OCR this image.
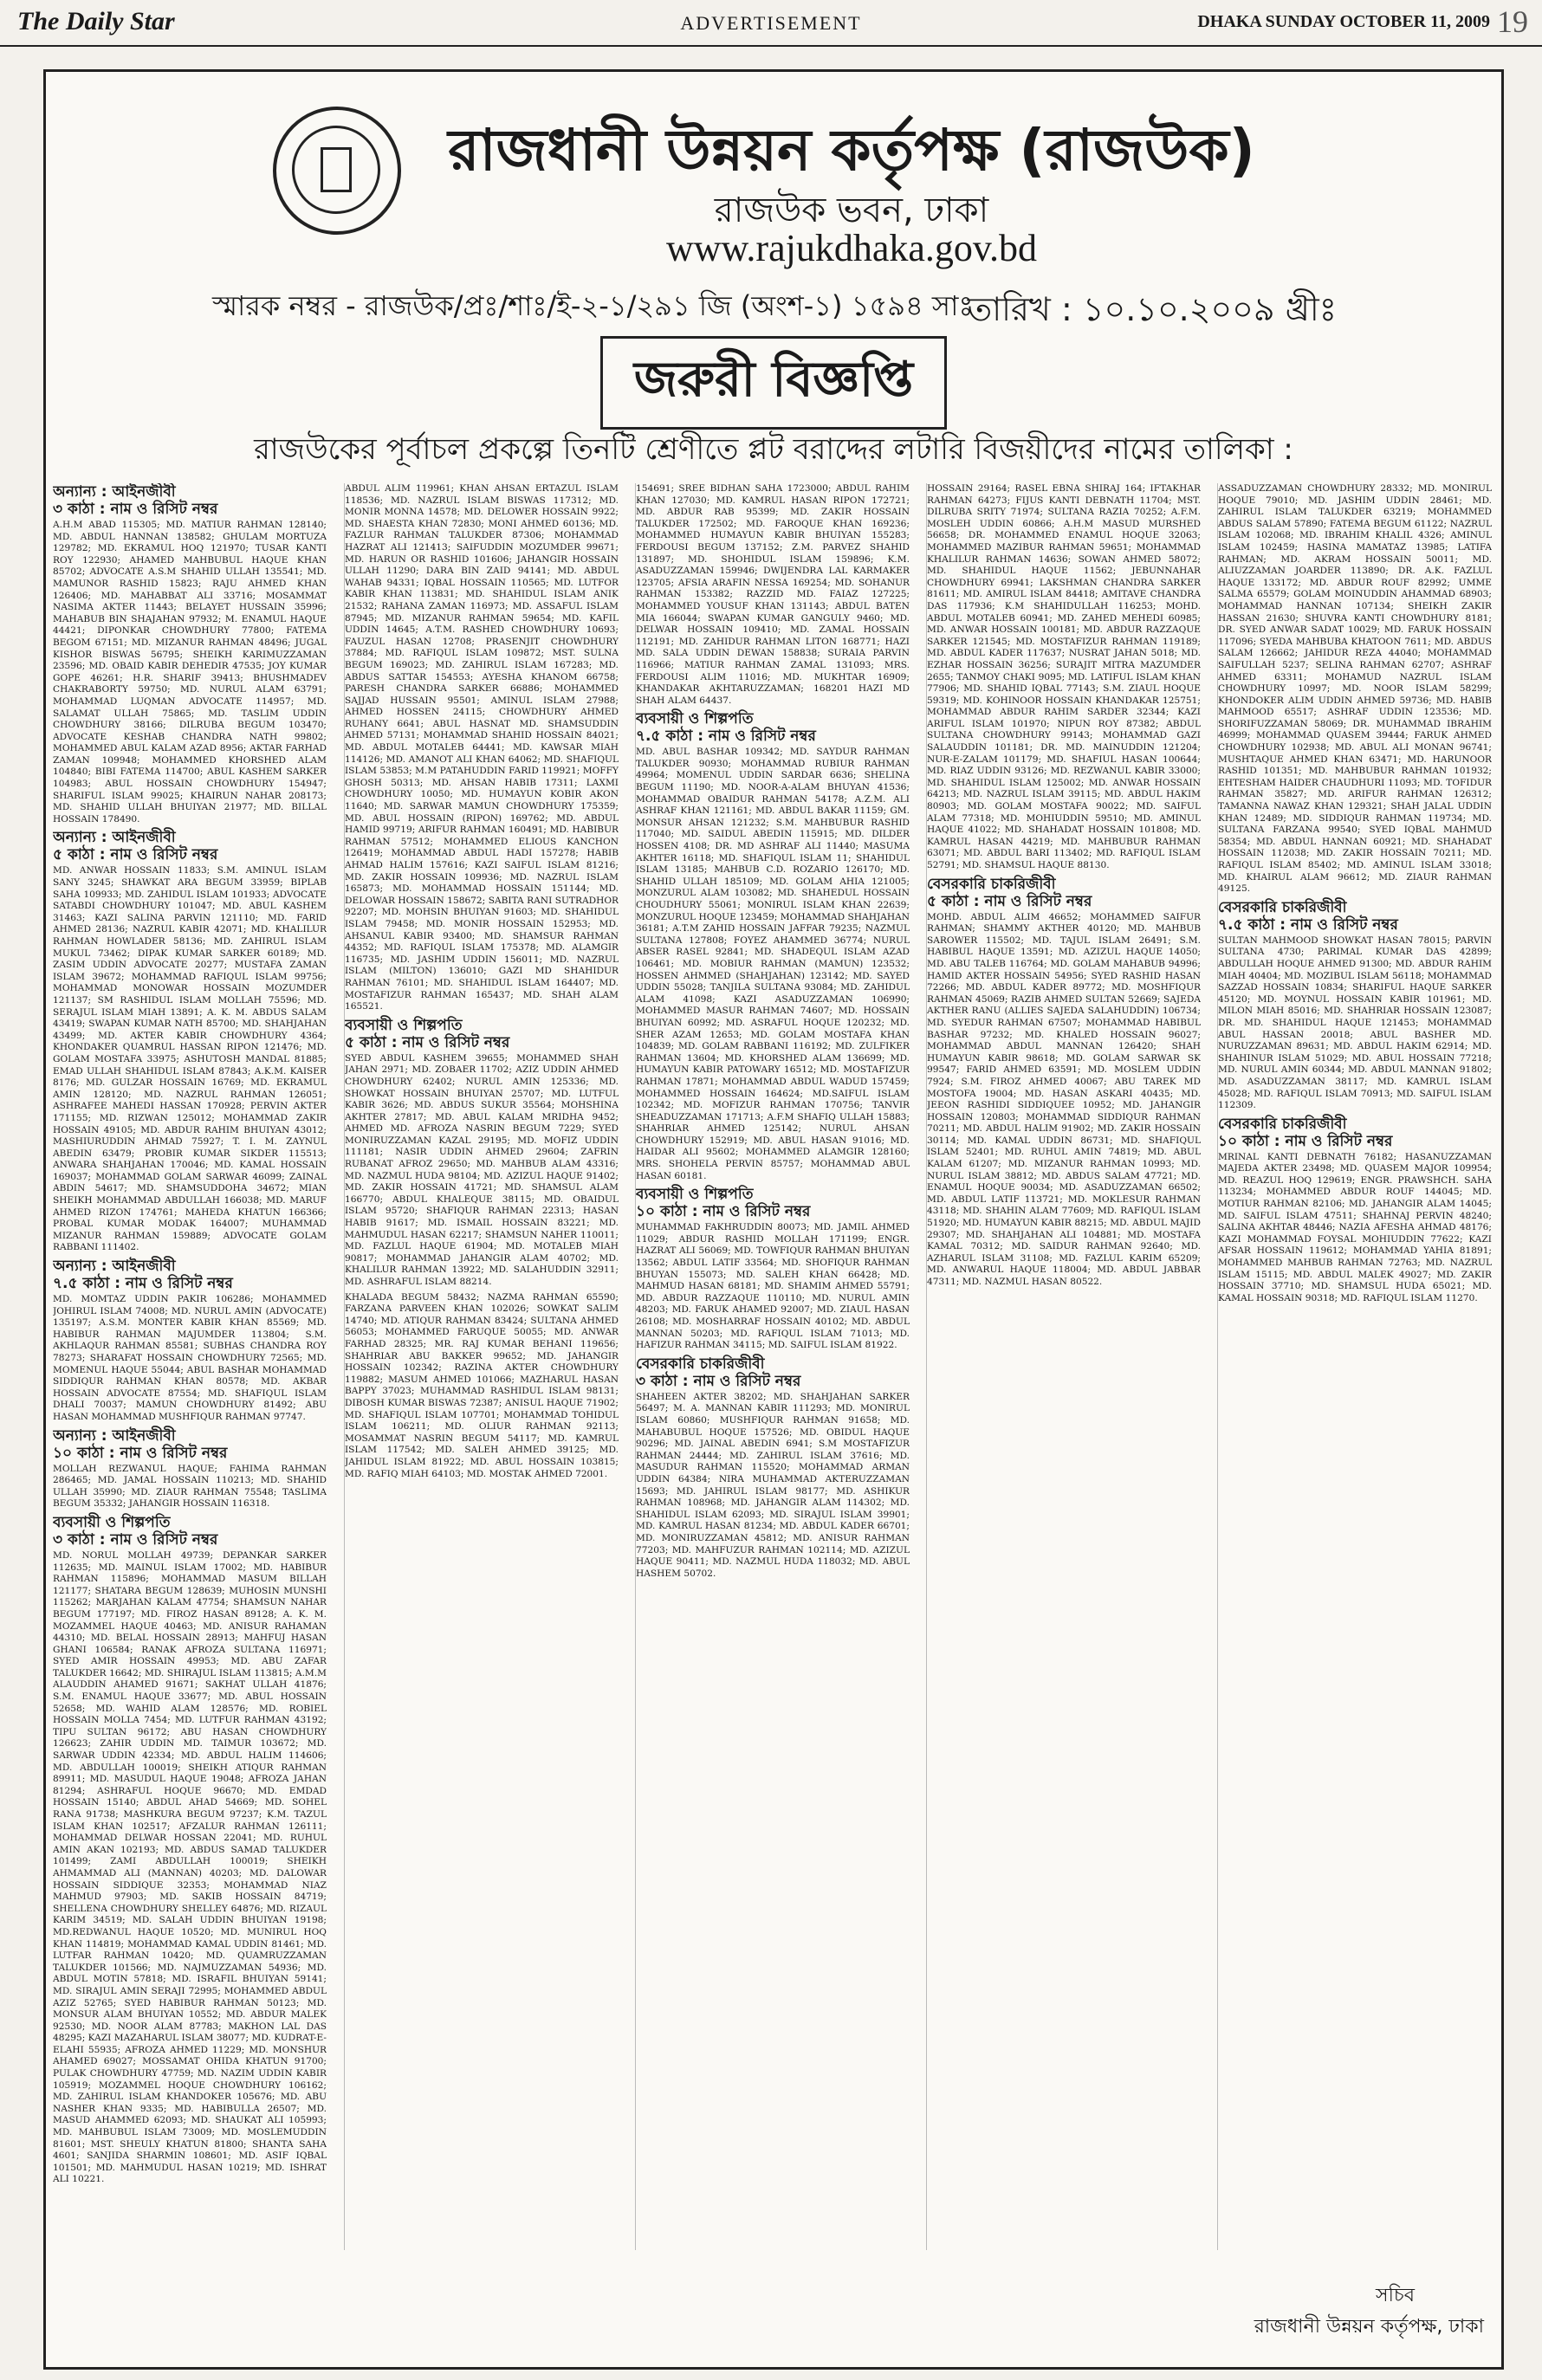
The Daily Star	ADVERTISEMENT	DHAKA SUNDAY OCTOBER 11, 2009 19
রাজধানী উন্নয়ন কর্তৃপক্ষ (রাজউক)
রাজউক ভবন, ঢাকা
www.rajukdhaka.gov.bd
স্মারক নম্বর - রাজউক/প্রঃ/শাঃ/ই-২-১/২৯১ জি (অংশ-১) ১৫৯৪ সাঃ
তারিখ : ১০.১০.২০০৯ খ্রীঃ
জরুরী বিজ্ঞপ্তি
রাজউকের পূর্বাচল প্রকল্পে তিনটি শ্রেণীতে প্লট বরাদ্দের লটারি বিজয়ীদের নামের তালিকা :
অন্যান্য : আইনজীবী
৩ কাঠা : নাম ও রিসিট নম্বর
A.H.M ABAD 115305; MD. MATIUR RAHMAN 128140; MD. ABDUL HANNAN 138582; GHULAM MORTUZA 129782; MD. EKRAMUL HOQ 121970; TUSAR KANTI ROY 122930; AHAMED MAHBUBUL HAQUE KHAN 85702; ADVOCATE A.S.M SHAHID ULLAH 135541; MD. MAMUNOR RASHID 15823; RAJU AHMED KHAN 126406; MD. MAHABBAT ALI 33716; MOSAMMAT NASIMA AKTER 11443; BELAYET HUSSAIN 35996; MAHABUB BIN SHAJAHAN 97932; M. ENAMUL HAQUE 44421; DIPONKAR CHOWDHURY 77800; FATEMA BEGOM 67151; MD. MIZANUR RAHMAN 48496; JUGAL KISHOR BISWAS 56795; SHEIKH KARIMUZZAMAN 23596; MD. OBAID KABIR DEHEDIR 47535; JOY KUMAR GOPE 46261; H.R. SHARIF 39413; BHUSHMADEV CHAKRABORTY 59750; MD. NURUL ALAM 63791; MOHAMMAD LUQMAN ADVOCATE 114957; MD. SALAMAT ULLAH 75865; MD. TASLIM UDDIN CHOWDHURY 38166; DILRUBA BEGUM 103470; ADVOCATE KESHAB CHANDRA NATH 99802; MOHAMMED ABUL KALAM AZAD 8956; AKTAR FARHAD ZAMAN 109948; MOHAMMED KHORSHED ALAM 104840; BIBI FATEMA 114700; ABUL KASHEM SARKER 104983; ABUL HOSSAIN CHOWDHURY 154947; SHARIFUL ISLAM 99025; KHAIRUN NAHAR 208173; MD. SHAHID ULLAH BHUIYAN 21977; MD. BILLAL HOSSAIN 178490.
অন্যান্য : আইনজীবী
৫ কাঠা : নাম ও রিসিট নম্বর
MD. ANWAR HOSSAIN 11833; S.M. AMINUL ISLAM SANY 3245; SHAWKAT ARA BEGUM 33959; BIPLAB SAHA 109933; MD. ZAHIDUL ISLAM 101933; ADVOCATE SATABDI CHOWDHURY 101047; MD. ABUL KASHEM 31463; KAZI SALINA PARVIN 121110; MD. FARID AHMED 28136; NAZRUL KABIR 42071; MD. KHALILUR RAHMAN HOWLADER 58136; MD. ZAHIRUL ISLAM MUKUL 73462; DIPAK KUMAR SARKER 60189; MD. ZASIM UDDIN ADVOCATE 20277; MUSTAFA ZAMAN ISLAM 39672; MOHAMMAD RAFIQUL ISLAM 99756; MOHAMMAD MONOWAR HOSSAIN MOZUMDER 121137; SM RASHIDUL ISLAM MOLLAH 75596; MD. SERAJUL ISLAM MIAH 13891; A. K. M. ABDUS SALAM 43419; SWAPAN KUMAR NATH 85700; MD. SHAHJAHAN 43499; MD. AKTER KABIR CHOWDHURY 4364; KHONDAKER QUAMRUL HASSAN RIPON 121476; MD. GOLAM MOSTAFA 33975; ASHUTOSH MANDAL 81885; EMAD ULLAH SHAHIDUL ISLAM 87843; A.K.M. KAISER 8176; MD. GULZAR HOSSAIN 16769; MD. EKRAMUL AMIN 128120; MD. NAZRUL RAHMAN 126051; ASHRAFEE MAHEDI HASSAN 170928; PERVIN AKTER 171155; MD. RIZWAN 125012; MOHAMMAD ZAKIR HOSSAIN 49105; MD. ABDUR RAHIM BHUIYAN 43012; MASHIURUDDIN AHMAD 75927; T. I. M. ZAYNUL ABEDIN 63479; PROBIR KUMAR SIKDER 115513; ANWARA SHAHJAHAN 170046; MD. KAMAL HOSSAIN 169037; MOHAMMAD GOLAM SARWAR 46099; ZAINAL ABDIN 54617; MD. SHAMSUDDOHA 34672; MIAN SHEIKH MOHAMMAD ABDULLAH 166038; MD. MARUF AHMED RIZON 174761; MAHEDA KHATUN 166366; PROBAL KUMAR MODAK 164007; MUHAMMAD MIZANUR RAHMAN 159889; ADVOCATE GOLAM RABBANI 111402.
অন্যান্য : আইনজীবী
৭.৫ কাঠা : নাম ও রিসিট নম্বর
MD. MOMTAZ UDDIN PAKIR 106286; MOHAMMED JOHIRUL ISLAM 74008; MD. NURUL AMIN (ADVOCATE) 135197; A.S.M. MONTER KABIR KHAN 85569; MD. HABIBUR RAHMAN MAJUMDER 113804; S.M. AKHLAQUR RAHMAN 85581; SUBHAS CHANDRA ROY 78273; SHARAFAT HOSSAIN CHOWDHURY 72565; MD. MOMENUL HAQUE 55044; ABUL BASHAR MOHAMMAD SIDDIQUR RAHMAN KHAN 80578; MD. AKBAR HOSSAIN ADVOCATE 87554; MD. SHAFIQUL ISLAM DHALI 70037; MAMUN CHOWDHURY 81492; ABU HASAN MOHAMMAD MUSHFIQUR RAHMAN 97747.
অন্যান্য : আইনজীবী
১০ কাঠা : নাম ও রিসিট নম্বর
MOLLAH REZWANUL HAQUE; FAHIMA RAHMAN 286465; MD. JAMAL HOSSAIN 110213; MD. SHAHID ULLAH 35990; MD. ZIAUR RAHMAN 75548; TASLIMA BEGUM 35332; JAHANGIR HOSSAIN 116318.
ব্যবসায়ী ও শিল্পপতি
৩ কাঠা : নাম ও রিসিট নম্বর
MD. NORUL MOLLAH 49739; DEPANKAR SARKER 112635; MD. MAINUL ISLAM 17002; MD. HABIBUR RAHMAN 115896; MOHAMMAD MASUM BILLAH 121177; SHATARA BEGUM 128639; MUHOSIN MUNSHI 115262; MARJAHAN KALAM 47754; SHAMSUN NAHAR BEGUM 177197; MD. FIROZ HASAN 89128; A. K. M. MOZAMMEL HAQUE 40463; MD. ANISUR RAHAMAN 44310; MD. BELAL HOSSAIN 28913; MAHFUJ HASAN GHANI 106584; RANAK AFROZA SULTANA 116971; SYED AMIR HOSSAIN 49953; MD. ABU ZAFAR TALUKDER 16642; MD. SHIRAJUL ISLAM 113815; A.M.M ALAUDDIN AHAMED 91671; SAKHAT ULLAH 41876; S.M. ENAMUL HAQUE 33677; MD. ABUL HOSSAIN 52658; MD. WAHID ALAM 128576; MD. ROBIEL HOSSAIN MOLLA 7454; MD. LUTFUR RAHMAN 43192; TIPU SULTAN 96172; ABU HASAN CHOWDHURY 126623; ZAHIR UDDIN MD. TAIMUR 103672; MD. SARWAR UDDIN 42334; MD. ABDUL HALIM 114606; MD. ABDULLAH 100019; SHEIKH ATIQUR RAHMAN 89911; MD. MASUDUL HAQUE 19048; AFROZA JAHAN 81294; ASHRAFUL HOQUE 96670; MD. EMDAD HOSSAIN 15140; ABDUL AHAD 54669; MD. SOHEL RANA 91738; MASHKURA BEGUM 97237; K.M. TAZUL ISLAM KHAN 102517; AFZALUR RAHMAN 126111; MOHAMMAD DELWAR HOSSAN 22041; MD. RUHUL AMIN AKAN 102193; MD. ABDUS SAMAD TALUKDER 101499; ZAMI ABDULLAH 100019; SHEIKH AHMAMMAD ALI (MANNAN) 40203; MD. DALOWAR HOSSAIN SIDDIQUE 32353; MOHAMMAD NIAZ MAHMUD 97903; MD. SAKIB HOSSAIN 84719; SHELLENA CHOWDHURY SHELLEY 64876; MD. RIZAUL KARIM 34519; MD. SALAH UDDIN BHUIYAN 19198; MD.REDWANUL HAQUE 10520; MD. MUNIRUL HOQ KHAN 114819; MOHAMMAD KAMAL UDDIN 81461; MD. LUTFAR RAHMAN 10420; MD. QUAMRUZZAMAN TALUKDER 101566; MD. NAJMUZZAMAN 54936; MD. ABDUL MOTIN 57818; MD. ISRAFIL BHUIYAN 59141; MD. SIRAJUL AMIN SERAJI 72995; MOHAMMED ABDUL AZIZ 52765; SYED HABIBUR RAHMAN 50123; MD. MONSUR ALAM BHUIYAN 10552; MD. ABDUR MALEK 92530; MD. NOOR ALAM 87783; MAKHON LAL DAS 48295; KAZI MAZAHARUL ISLAM 38077; MD. KUDRAT-E-ELAHI 55935; AFROZA AHMED 11229; MD. MONSHUR AHAMED 69027; MOSSAMAT OHIDA KHATUN 91700; PULAK CHOWDHURY 47759; MD. NAZIM UDDIN KABIR 105919; MOZAMMEL HOQUE CHOWDHURY 106162; MD. ZAHIRUL ISLAM KHANDOKER 105676; MD. ABU NASHER KHAN 9335; MD. HABIBULLA 26507; MD. MASUD AHAMMED 62093; MD. SHAUKAT ALI 105993; MD. MAHBUBUL ISLAM 73009; MD. MOSLEMUDDIN 81601; MST. SHEULY KHATUN 81800; SHANTA SAHA 4601; SANJIDA SHARMIN 108601; MD. ASIF IQBAL 101501; MD. MAHMUDUL HASAN 10219; MD. ISHRAT ALI 10221.
ABDUL ALIM 119961; KHAN AHSAN ERTAZUL ISLAM 118536; MD. NAZRUL ISLAM BISWAS 117312; MD. MONIR MONNA 14578; MD. DELOWER HOSSAIN 9922; MD. SHAESTA KHAN 72830; MONI AHMED 60136; MD. FAZLUR RAHMAN TALUKDER 87306; MOHAMMAD HAZRAT ALI 121413; SAIFUDDIN MOZUMDER 99671; MD. HARUN OR RASHID 101606; JAHANGIR HOSSAIN ULLAH 11290; DARA BIN ZAID 94141; MD. ABDUL WAHAB 94331; IQBAL HOSSAIN 110565; MD. LUTFOR KABIR KHAN 113831; MD. SHAHIDUL ISLAM ANIK 21532; RAHANA ZAMAN 116973; MD. ASSAFUL ISLAM 87945; MD. MIZANUR RAHMAN 59654; MD. KAFIL UDDIN 14645; A.T.M. RASHED CHOWDHURY 10693; FAUZUL HASAN 12708; PRASENJIT CHOWDHURY 37884; MD. RAFIQUL ISLAM 109872; MST. SULNA BEGUM 169023; MD. ZAHIRUL ISLAM 167283; MD. ABDUS SATTAR 154553; AYESHA KHANOM 66758; PARESH CHANDRA SARKER 66886; MOHAMMED SAJJAD HUSSAIN 95501; AMINUL ISLAM 27988; AHMED HOSSEN 24115; CHOWDHURY AHMED RUHANY 6641; ABUL HASNAT MD. SHAMSUDDIN AHMED 57131; MOHAMMAD SHAHID HOSSAIN 84021; MD. ABDUL MOTALEB 64441; MD. KAWSAR MIAH 114126; MD. AMANOT ALI KHAN 64062; MD. SHAFIQUL ISLAM 53853; M.M PATAHUDDIN FARID 119921; MOFFY GHOSH 50313; MD. AHSAN HABIB 17311; LAXMI CHOWDHURY 10050; MD. HUMAYUN KOBIR AKON 11640; MD. SARWAR MAMUN CHOWDHURY 175359; MD. ABUL HOSSAIN (RIPON) 169762; MD. ABDUL HAMID 99719; ARIFUR RAHMAN 160491; MD. HABIBUR RAHMAN 57512; MOHAMMED ELIOUS KANCHON 126419; MOHAMMAD ABDUL HADI 157278; HABIB AHMAD HALIM 157616; KAZI SAIFUL ISLAM 81216; MD. ZAKIR HOSSAIN 109936; MD. NAZRUL ISLAM 165873; MD. MOHAMMAD HOSSAIN 151144; MD. DELOWAR HOSSAIN 158672; SABITA RANI SUTRADHOR 92207; MD. MOHSIN BHUIYAN 91603; MD. SHAHIDUL ISLAM 79458; MD. MONIR HOSSAIN 152953; MD. AHSANUL KABIR 93400; MD. SHAMSUR RAHMAN 44352; MD. RAFIQUL ISLAM 175378; MD. ALAMGIR 116735; MD. JASHIM UDDIN 156011; MD. NAZRUL ISLAM (MILTON) 136010; GAZI MD SHAHIDUR RAHMAN 76101; MD. SHAHIDUL ISLAM 164407; MD. MOSTAFIZUR RAHMAN 165437; MD. SHAH ALAM 165521.
ব্যবসায়ী ও শিল্পপতি
৫ কাঠা : নাম ও রিসিট নম্বর
SYED ABDUL KASHEM 39655; MOHAMMED SHAH JAHAN 2971; MD. ZOBAER 11702; AZIZ UDDIN AHMED CHOWDHURY 62402; NURUL AMIN 125336; MD. SHOWKAT HOSSAIN BHUIYAN 25707; MD. LUTFUL KABIR 3626; MD. ABDUS SUKUR 35564; MOHSHINA AKHTER 27817; MD. ABUL KALAM MRIDHA 9452; AHMED MD. AFROZA NASRIN BEGUM 7229; SYED MONIRUZZAMAN KAZAL 29195; MD. MOFIZ UDDIN 111181; NASIR UDDIN AHMED 29604; ZAFRIN RUBANAT AFROZ 29650; MD. MAHBUB ALAM 43316; MD. NAZMUL HUDA 98104; MD. AZIZUL HAQUE 91402; MD. ZAKIR HOSSAIN 41721; MD. SHAMSUL ALAM 166770; ABDUL KHALEQUE 38115; MD. OBAIDUL ISLAM 95720; SHAFIQUR RAHMAN 22313; HASAN HABIB 91617; MD. ISMAIL HOSSAIN 83221; MD. MAHMUDUL HASAN 62217; SHAMSUN NAHER 110011; MD. FAZLUL HAQUE 61904; MD. MOTALEB MIAH 90817; MOHAMMAD JAHANGIR ALAM 40702; MD. KHALILUR RAHMAN 13922; MD. SALAHUDDIN 32911; MD. ASHRAFUL ISLAM 88214.
KHALADA BEGUM 58432; NAZMA RAHMAN 65590; FARZANA PARVEEN KHAN 102026; SOWKAT SALIM 14740; MD. ATIQUR RAHMAN 83424; SULTANA AHMED 56053; MOHAMMED FARUQUE 50055; MD. ANWAR FARHAD 28325; MR. RAJ KUMAR BEHANI 119656; SHAHRIAR ABU BAKKER 99652; MD. JAHANGIR HOSSAIN 102342; RAZINA AKTER CHOWDHURY 119882; MASUM AHMED 101066; MAZHARUL HASAN BAPPY 37023; MUHAMMAD RASHIDUL ISLAM 98131; DIBOSH KUMAR BISWAS 72387; ANISUL HAQUE 71902; MD. SHAFIQUL ISLAM 107701; MOHAMMAD TOHIDUL ISLAM 106211; MD. OLIUR RAHMAN 92113; MOSAMMAT NASRIN BEGUM 54117; MD. KAMRUL ISLAM 117542; MD. SALEH AHMED 39125; MD. JAHIDUL ISLAM 81922; MD. ABUL HOSSAIN 103815; MD. RAFIQ MIAH 64103; MD. MOSTAK AHMED 72001.
154691; SREE BIDHAN SAHA 1723000; ABDUL RAHIM KHAN 127030; MD. KAMRUL HASAN RIPON 172721; MD. ABDUR RAB 95399; MD. ZAKIR HOSSAIN TALUKDER 172502; MD. FAROQUE KHAN 169236; MOHAMMED HUMAYUN KABIR BHUIYAN 155283; FERDOUSI BEGUM 137152; Z.M. PARVEZ SHAHID 131897; MD. SHOHIDUL ISLAM 159896; K.M. ASADUZZAMAN 159946; DWIJENDRA LAL KARMAKER 123705; AFSIA ARAFIN NESSA 169254; MD. SOHANUR RAHMAN 153382; RAZZID MD. FAIAZ 127225; MOHAMMED YOUSUF KHAN 131143; ABDUL BATEN MIA 166044; SWAPAN KUMAR GANGULY 9460; MD. DELWAR HOSSAIN 109410; MD. ZAMAL HOSSAIN 112191; MD. ZAHIDUR RAHMAN LITON 168771; HAZI MD. SALA UDDIN DEWAN 158838; SURAIA PARVIN 116966; MATIUR RAHMAN ZAMAL 131093; MRS. FERDOUSI ALIM 11016; MD. MUKHTAR 16909; KHANDAKAR AKHTARUZZAMAN; 168201 HAZI MD SHAH ALAM 64437.
ব্যবসায়ী ও শিল্পপতি
৭.৫ কাঠা : নাম ও রিসিট নম্বর
MD. ABUL BASHAR 109342; MD. SAYDUR RAHMAN TALUKDER 90930; MOHAMMAD RUBIUR RAHMAN 49964; MOMENUL UDDIN SARDAR 6636; SHELINA BEGUM 11190; MD. NOOR-A-ALAM BHUYAN 41536; MOHAMMAD OBAIDUR RAHMAN 54178; A.Z.M. ALI ASHRAF KHAN 121161; MD. ABDUL BAKAR 11159; GM. MONSUR AHSAN 121232; S.M. MAHBUBUR RASHID 117040; MD. SAIDUL ABEDIN 115915; MD. DILDER HOSSEN 4108; DR. MD ASHRAF ALI 11440; MASUMA AKHTER 16118; MD. SHAFIQUL ISLAM 11; SHAHIDUL ISLAM 13185; MAHBUB C.D. ROZARIO 126170; MD. SHAHID ULLAH 185109; MD. GOLAM AHIA 121005; MONZURUL ALAM 103082; MD. SHAHEDUL HOSSAIN CHOUDHURY 55061; MONIRUL ISLAM KHAN 22639; MONZURUL HOQUE 123459; MOHAMMAD SHAHJAHAN 36181; A.T.M ZAHID HOSSAIN JAFFAR 79235; NAZMUL SULTANA 127808; FOYEZ AHAMMED 36774; NURUL ABSER RASEL 92841; MD. SHADEQUL ISLAM AZAD 106461; MD. MOBIUR RAHMAN (MAMUN) 123532; HOSSEN AHMMED (SHAHJAHAN) 123142; MD. SAYED UDDIN 55028; TANJILA SULTANA 93084; MD. ZAHIDUL ALAM 41098; KAZI ASADUZZAMAN 106990; MOHAMMED MASUR RAHMAN 74607; MD. HOSSAIN BHUIYAN 60992; MD. ASRAFUL HOQUE 120232; MD. SHER AZAM 12653; MD. GOLAM MOSTAFA KHAN 104839; MD. GOLAM RABBANI 116192; MD. ZULFIKER RAHMAN 13604; MD. KHORSHED ALAM 136699; MD. HUMAYUN KABIR PATOWARY 16512; MD. MOSTAFIZUR RAHMAN 17871; MOHAMMAD ABDUL WADUD 157459; MOHAMMED HOSSAIN 164624; MD.SAIFUL ISLAM 102342; MD. MOFIZUR RAHMAN 170756; TANVIR SHEADUZZAMAN 171713; A.F.M SHAFIQ ULLAH 15883; SHAHRIAR AHMED 125142; NURUL AHSAN CHOWDHURY 152919; MD. ABUL HASAN 91016; MD. HAIDAR ALI 95602; MOHAMMED ALAMGIR 128160; MRS. SHOHELA PERVIN 85757; MOHAMMAD ABUL HASAN 60181.
ব্যবসায়ী ও শিল্পপতি
১০ কাঠা : নাম ও রিসিট নম্বর
MUHAMMAD FAKHRUDDIN 80073; MD. JAMIL AHMED 11029; ABDUR RASHID MOLLAH 171199; ENGR. HAZRAT ALI 56069; MD. TOWFIQUR RAHMAN BHUIYAN 13562; ABDUL LATIF 33564; MD. SHOFIQUR RAHMAN BHUYAN 155073; MD. SALEH KHAN 66428; MD. MAHMUD HASAN 68181; MD. SHAMIM AHMED 55791; MD. ABDUR RAZZAQUE 110110; MD. NURUL AMIN 48203; MD. FARUK AHAMED 92007; MD. ZIAUL HASAN 26108; MD. MOSHARRAF HOSSAIN 40102; MD. ABDUL MANNAN 50203; MD. RAFIQUL ISLAM 71013; MD. HAFIZUR RAHMAN 34115; MD. SAIFUL ISLAM 81922.
বেসরকারি চাকরিজীবী
৩ কাঠা : নাম ও রিসিট নম্বর
SHAHEEN AKTER 38202; MD. SHAHJAHAN SARKER 56497; M. A. MANNAN KABIR 111293; MD. MONIRUL ISLAM 60860; MUSHFIQUR RAHMAN 91658; MD. MAHABUBUL HOQUE 157526; MD. OBIDUL HAQUE 90296; MD. JAINAL ABEDIN 6941; S.M MOSTAFIZUR RAHMAN 24444; MD. ZAHIRUL ISLAM 37616; MD. MASUDUR RAHMAN 115520; MOHAMMAD ARMAN UDDIN 64384; NIRA MUHAMMAD AKTERUZZAMAN 15693; MD. JAHIRUL ISLAM 98177; MD. ASHIKUR RAHMAN 108968; MD. JAHANGIR ALAM 114302; MD. SHAHIDUL ISLAM 62093; MD. SIRAJUL ISLAM 39901; MD. KAMRUL HASAN 81234; MD. ABDUL KADER 66701; MD. MONIRUZZAMAN 45812; MD. ANISUR RAHMAN 77203; MD. MAHFUZUR RAHMAN 102114; MD. AZIZUL HAQUE 90411; MD. NAZMUL HUDA 118032; MD. ABUL HASHEM 50702.
HOSSAIN 29164; RASEL EBNA SHIRAJ 164; IFTAKHAR RAHMAN 64273; FIJUS KANTI DEBNATH 11704; MST. DILRUBA SRITY 71974; SULTANA RAZIA 70252; A.F.M. MOSLEH UDDIN 60866; A.H.M MASUD MURSHED 56658; DR. MOHAMMED ENAMUL HOQUE 32063; MOHAMMED MAZIBUR RAHMAN 59651; MOHAMMAD KHALILUR RAHMAN 14636; SOWAN AHMED 58072; MD. SHAHIDUL HAQUE 11562; JEBUNNAHAR CHOWDHURY 69941; LAKSHMAN CHANDRA SARKER 81611; MD. AMIRUL ISLAM 84418; AMITAVE CHANDRA DAS 117936; K.M SHAHIDULLAH 116253; MOHD. ABDUL MOTALEB 60941; MD. ZAHED MEHEDI 60985; MD. ANWAR HOSSAIN 100181; MD. ABDUR RAZZAQUE SARKER 121545; MD. MOSTAFIZUR RAHMAN 119189; MD. ABDUL KADER 117637; NUSRAT JAHAN 5018; MD. EZHAR HOSSAIN 36256; SURAJIT MITRA MAZUMDER 2655; TANMOY CHAKI 9095; MD. LATIFUL ISLAM KHAN 77906; MD. SHAHID IQBAL 77143; S.M. ZIAUL HOQUE 59319; MD. KOHINOOR HOSSAIN KHANDAKAR 125751; MOHAMMAD ABDUR RAHIM SARDER 32344; KAZI ARIFUL ISLAM 101970; NIPUN ROY 87382; ABDUL SULTANA CHOWDHURY 99143; MOHAMMAD GAZI SALAUDDIN 101181; DR. MD. MAINUDDIN 121204; NUR-E-ZALAM 101179; MD. SHAFIUL HASAN 100644; MD. RIAZ UDDIN 93126; MD. REZWANUL KABIR 33000; MD. SHAHIDUL ISLAM 125002; MD. ANWAR HOSSAIN 64213; MD. NAZRUL ISLAM 39115; MD. ABDUL HAKIM 80903; MD. GOLAM MOSTAFA 90022; MD. SAIFUL ALAM 77318; MD. MOHIUDDIN 59510; MD. AMINUL HAQUE 41022; MD. SHAHADAT HOSSAIN 101808; MD. KAMRUL HASAN 44219; MD. MAHBUBUR RAHMAN 63071; MD. ABDUL BARI 113402; MD. RAFIQUL ISLAM 52791; MD. SHAMSUL HAQUE 88130.
বেসরকারি চাকরিজীবী
৫ কাঠা : নাম ও রিসিট নম্বর
MOHD. ABDUL ALIM 46652; MOHAMMED SAIFUR RAHMAN; SHAMMY AKTHER 40120; MD. MAHBUB SAROWER 115502; MD. TAJUL ISLAM 26491; S.M. HABIBUL HAQUE 13591; MD. AZIZUL HAQUE 14050; MD. ABU TALEB 116764; MD. GOLAM MAHABUB 94996; HAMID AKTER HOSSAIN 54956; SYED RASHID HASAN 72266; MD. ABDUL KADER 89772; MD. MOSHFIQUR RAHMAN 45069; RAZIB AHMED SULTAN 52669; SAJEDA AKTHER RANU (ALLIES SAJEDA SALAHUDDIN) 106734; MD. SYEDUR RAHMAN 67507; MOHAMMAD HABIBUL BASHAR 97232; MD. KHALED HOSSAIN 96027; MOHAMMAD ABDUL MANNAN 126420; SHAH HUMAYUN KABIR 98618; MD. GOLAM SARWAR SK 99547; FARID AHMED 63591; MD. MOSLEM UDDIN 7924; S.M. FIROZ AHMED 40067; ABU TAREK MD MOSTOFA 19004; MD. HASAN ASKARI 40435; MD. JEEON RASHIDI SIDDIQUEE 10952; MD. JAHANGIR HOSSAIN 120803; MOHAMMAD SIDDIQUR RAHMAN 70211; MD. ABDUL HALIM 91902; MD. ZAKIR HOSSAIN 30114; MD. KAMAL UDDIN 86731; MD. SHAFIQUL ISLAM 52401; MD. RUHUL AMIN 74819; MD. ABUL KALAM 61207; MD. MIZANUR RAHMAN 10993; MD. NURUL ISLAM 38812; MD. ABDUS SALAM 47721; MD. ENAMUL HOQUE 90034; MD. ASADUZZAMAN 66502; MD. ABDUL LATIF 113721; MD. MOKLESUR RAHMAN 43118; MD. SHAHIN ALAM 77609; MD. RAFIQUL ISLAM 51920; MD. HUMAYUN KABIR 88215; MD. ABDUL MAJID 29307; MD. SHAHJAHAN ALI 104881; MD. MOSTAFA KAMAL 70312; MD. SAIDUR RAHMAN 92640; MD. AZHARUL ISLAM 31108; MD. FAZLUL KARIM 65209; MD. ANWARUL HAQUE 118004; MD. ABDUL JABBAR 47311; MD. NAZMUL HASAN 80522.
ASSADUZZAMAN CHOWDHURY 28332; MD. MONIRUL HOQUE 79010; MD. JASHIM UDDIN 28461; MD. ZAHIRUL ISLAM TALUKDER 63219; MOHAMMED ABDUS SALAM 57890; FATEMA BEGUM 61122; NAZRUL ISLAM 102068; MD. IBRAHIM KHALIL 4326; AMINUL ISLAM 102459; HASINA MAMATAZ 13985; LATIFA RAHMAN; MD. AKRAM HOSSAIN 50011; MD. ALIUZZAMAN JOARDER 113890; DR. A.K. FAZLUL HAQUE 133172; MD. ABDUR ROUF 82992; UMME SALMA 65579; GOLAM MOINUDDIN AHAMMAD 68903; MOHAMMAD HANNAN 107134; SHEIKH ZAKIR HASSAN 21630; SHUVRA KANTI CHOWDHURY 8181; DR. SYED ANWAR SADAT 10029; MD. FARUK HOSSAIN 117096; SYEDA MAHBUBA KHATOON 7611; MD. ABDUS SALAM 126662; JAHIDUR REZA 44040; MOHAMMAD SAIFULLAH 5237; SELINA RAHMAN 62707; ASHRAF AHMED 63311; MOHAMUD NAZRUL ISLAM CHOWDHURY 10997; MD. NOOR ISLAM 58299; KHONDOKER ALIM UDDIN AHMED 59736; MD. HABIB MAHMOOD 65517; ASHRAF UDDIN 123536; MD. SHORIFUZZAMAN 58069; DR. MUHAMMAD IBRAHIM 46999; MOHAMMAD QUASEM 39444; FARUK AHMED CHOWDHURY 102938; MD. ABUL ALI MONAN 96741; MUSHTAQUE AHMED KHAN 63471; MD. HARUNOOR RASHID 101351; MD. MAHBUBUR RAHMAN 101932; EHTESHAM HAIDER CHAUDHURI 11093; MD. TOFIDUR RAHMAN 35827; MD. ARIFUR RAHMAN 126312; TAMANNA NAWAZ KHAN 129321; SHAH JALAL UDDIN KHAN 12489; MD. SIDDIQUR RAHMAN 119734; MD. SULTANA FARZANA 99540; SYED IQBAL MAHMUD 58354; MD. ABDUL HANNAN 60921; MD. SHAHADAT HOSSAIN 112038; MD. ZAKIR HOSSAIN 70211; MD. RAFIQUL ISLAM 85402; MD. AMINUL ISLAM 33018; MD. KHAIRUL ALAM 96612; MD. ZIAUR RAHMAN 49125.
বেসরকারি চাকরিজীবী
৭.৫ কাঠা : নাম ও রিসিট নম্বর
SULTAN MAHMOOD SHOWKAT HASAN 78015; PARVIN SULTANA 4730; PARIMAL KUMAR DAS 42899; ABDULLAH HOQUE AHMED 91300; MD. ABDUR RAHIM MIAH 40404; MD. MOZIBUL ISLAM 56118; MOHAMMAD SAZZAD HOSSAIN 10834; SHARIFUL HAQUE SARKER 45120; MD. MOYNUL HOSSAIN KABIR 101961; MD. MILON MIAH 85016; MD. SHAHRIAR HOSSAIN 123087; DR. MD. SHAHIDUL HAQUE 121453; MOHAMMAD ABUL HASSAN 20018; ABUL BASHER MD. NURUZZAMAN 89631; MD. ABDUL HAKIM 62914; MD. SHAHINUR ISLAM 51029; MD. ABUL HOSSAIN 77218; MD. NURUL AMIN 60344; MD. ABDUL MANNAN 91802; MD. ASADUZZAMAN 38117; MD. KAMRUL ISLAM 45028; MD. RAFIQUL ISLAM 70913; MD. SAIFUL ISLAM 112309.
বেসরকারি চাকরিজীবী
১০ কাঠা : নাম ও রিসিট নম্বর
MRINAL KANTI DEBNATH 76182; HASANUZZAMAN MAJEDA AKTER 23498; MD. QUASEM MAJOR 109954; MD. REAZUL HOQ 129619; ENGR. PRAWSHCH. SAHA 113234; MOHAMMED ABDUR ROUF 144045; MD. MOTIUR RAHMAN 82106; MD. JAHANGIR ALAM 14045; MD. SAIFUL ISLAM 47511; SHAHNAJ PERVIN 48240; SALINA AKHTAR 48446; NAZIA AFESHA AHMAD 48176; KAZI MOHAMMAD FOYSAL MOHIUDDIN 77622; KAZI AFSAR HOSSAIN 119612; MOHAMMAD YAHIA 81891; MOHAMMED MAHBUB RAHMAN 72763; MD. NAZRUL ISLAM 15115; MD. ABDUL MALEK 49027; MD. ZAKIR HOSSAIN 37710; MD. SHAMSUL HUDA 65021; MD. KAMAL HOSSAIN 90318; MD. RAFIQUL ISLAM 11270.
সচিব
রাজধানী উন্নয়ন কর্তৃপক্ষ, ঢাকা
